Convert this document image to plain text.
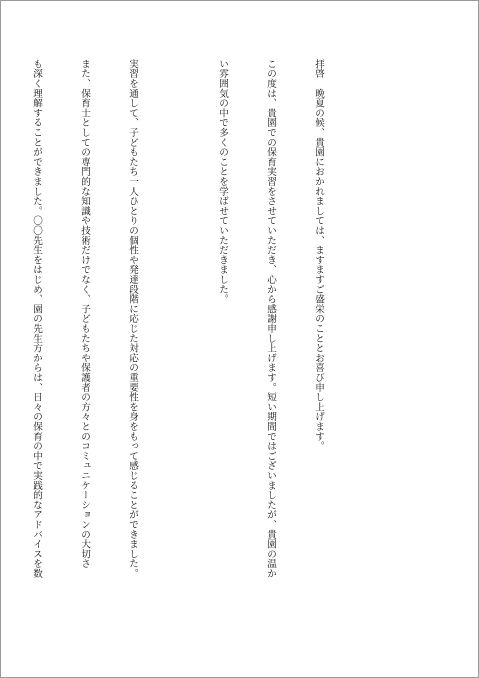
拝啓　晩夏の候、貴園におかれましては、ますますご盛栄のこととお喜び申し上げます。

この度は、貴園での保育実習をさせていただき、心から感謝申し上げます。短い期間ではございましたが、貴園の温か

い雰囲気の中で多くのことを学ばせていただきました。

実習を通して、子どもたち一人ひとりの個性や発達段階に応じた対応の重要性を身をもって感じることができました。

また、保育士としての専門的な知識や技術だけでなく、子どもたちや保護者の方々とのコミュニケーションの大切さ

も深く理解することができました。〇〇先生をはじめ、園の先生方からは、日々の保育の中で実践的なアドバイスを数
